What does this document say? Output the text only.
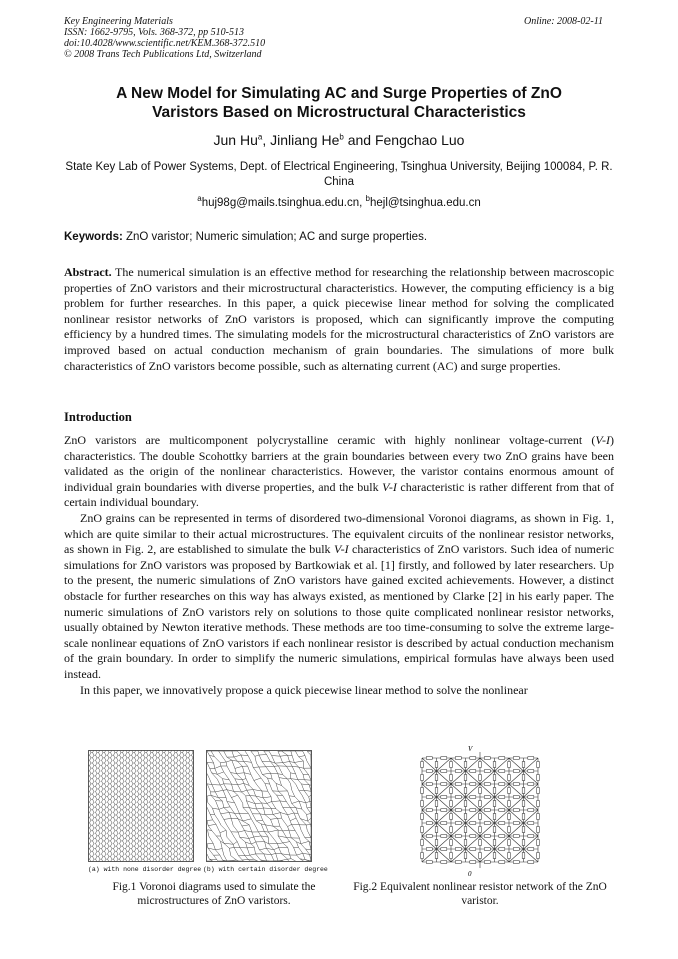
Key Engineering Materials
ISSN: 1662-9795, Vols. 368-372, pp 510-513
doi:10.4028/www.scientific.net/KEM.368-372.510
© 2008 Trans Tech Publications Ltd, Switzerland
Online: 2008-02-11
A New Model for Simulating AC and Surge Properties of ZnO
Varistors Based on Microstructural Characteristics
Jun Hu$^a$, Jinliang He$^b$ and Fengchao Luo
State Key Lab of Power Systems, Dept. of Electrical Engineering, Tsinghua University, Beijing 100084, P. R. China
$^a$huj98g@mails.tsinghua.edu.cn, $^b$hejl@tsinghua.edu.cn
Keywords: ZnO varistor; Numeric simulation; AC and surge properties.
Abstract. The numerical simulation is an effective method for researching the relationship between macroscopic properties of ZnO varistors and their microstructural characteristics. However, the computing efficiency is a big problem for further researches. In this paper, a quick piecewise linear method for solving the complicated nonlinear resistor networks of ZnO varistors is proposed, which can significantly improve the computing efficiency by a hundred times. The simulating models for the microstructural characteristics of ZnO varistors are improved based on actual conduction mechanism of grain boundaries. The simulations of more bulk characteristics of ZnO varistors become possible, such as alternating current (AC) and surge properties.
Introduction

ZnO varistors are multicomponent polycrystalline ceramic with highly nonlinear voltage-current (V-I) characteristics. The double Scohottky barriers at the grain boundaries between every two ZnO grains have been validated as the origin of the nonlinear characteristics. However, the varistor contains enormous amount of individual grain boundaries with diverse properties, and the bulk V-I characteristic is rather different from that of certain individual boundary.

ZnO grains can be represented in terms of disordered two-dimensional Voronoi diagrams, as shown in Fig. 1, which are quite similar to their actual microstructures. The equivalent circuits of the nonlinear resistor networks, as shown in Fig. 2, are established to simulate the bulk V-I characteristics of ZnO varistors. Such idea of numeric simulations for ZnO varistors was proposed by Bartkowiak et al. [1] firstly, and followed by later researchers. Up to the present, the numeric simulations of ZnO varistors have gained excited achievements. However, a distinct obstacle for further researches on this way has always existed, as mentioned by Clarke [2] in his early paper. The numeric simulations of ZnO varistors rely on solutions to those quite complicated nonlinear resistor networks, usually obtained by Newton iterative methods. These methods are too time-consuming to solve the extreme large-scale nonlinear equations of ZnO varistors if each nonlinear resistor is described by actual conduction mechanism of the grain boundary. In order to simplify the numeric simulations, empirical formulas have always been used instead.

In this paper, we innovatively propose a quick piecewise linear method to solve the nonlinear

(a) with none disorder degree (b) with certain disorder degree
Fig.1 Voronoi diagrams used to simulate the microstructures of ZnO varistors.
V
0
Fig.2 Equivalent nonlinear resistor network of the ZnO varistor.
